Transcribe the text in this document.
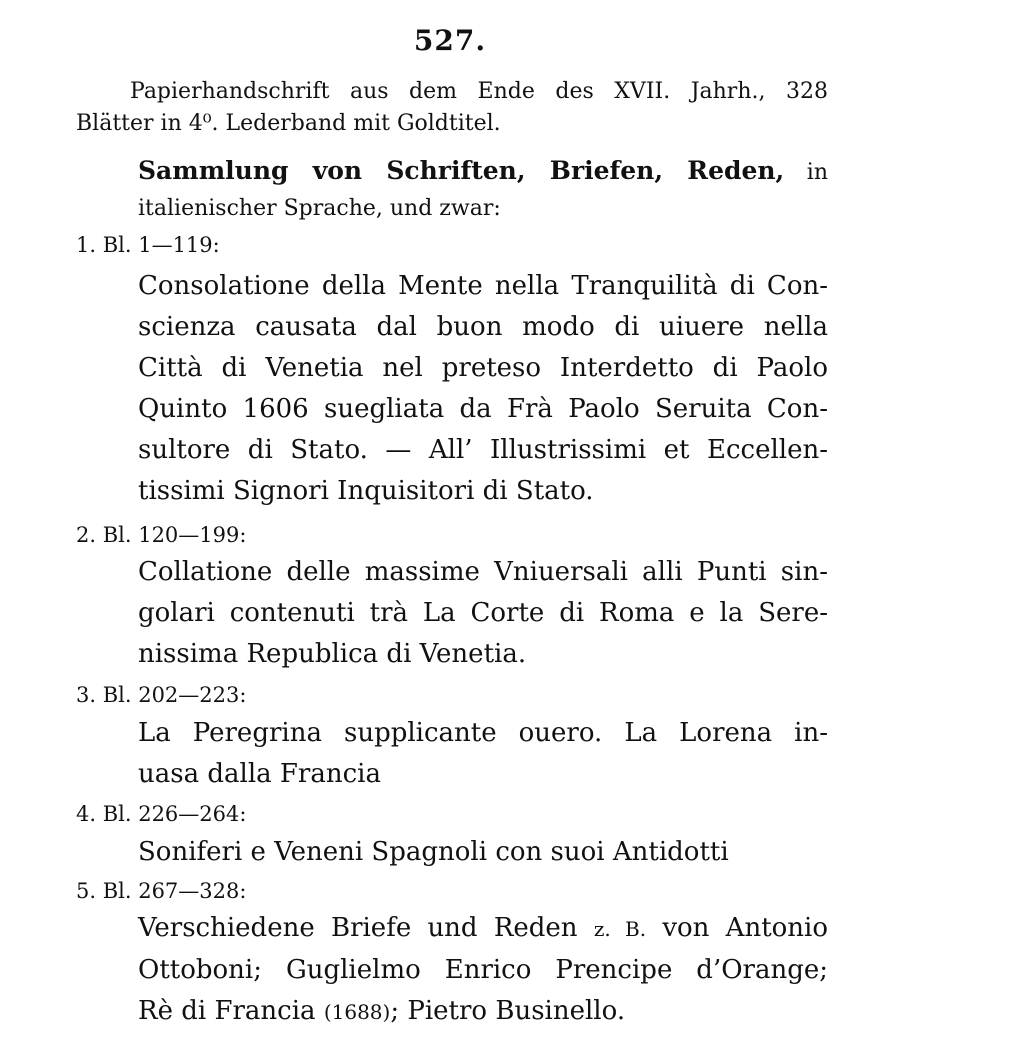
527.
Papierhandschrift aus dem Ende des XVII. Jahrh., 328
Blätter in 4⁰. Lederband mit Goldtitel.
Sammlung von Schriften, Briefen, Reden, in
italienischer Sprache, und zwar:
1. Bl. 1—119:
Consolatione della Mente nella Tranquilità di Con-
scienza causata dal buon modo di uiuere nella
Città di Venetia nel preteso Interdetto di Paolo
Quinto 1606 suegliata da Frà Paolo Seruita Con-
sultore di Stato. — All’ Illustrissimi et Eccellen-
tissimi Signori Inquisitori di Stato.
2. Bl. 120—199:
Collatione delle massime Vniuersali alli Punti sin-
golari contenuti trà La Corte di Roma e la Sere-
nissima Republica di Venetia.
3. Bl. 202—223:
La Peregrina supplicante ouero. La Lorena in-
uasa dalla Francia
4. Bl. 226—264:
Soniferi e Veneni Spagnoli con suoi Antidotti
5. Bl. 267—328:
Verschiedene Briefe und Reden z. B. von Antonio
Ottoboni; Guglielmo Enrico Prencipe d’Orange;
Rè di Francia (1688); Pietro Businello.
